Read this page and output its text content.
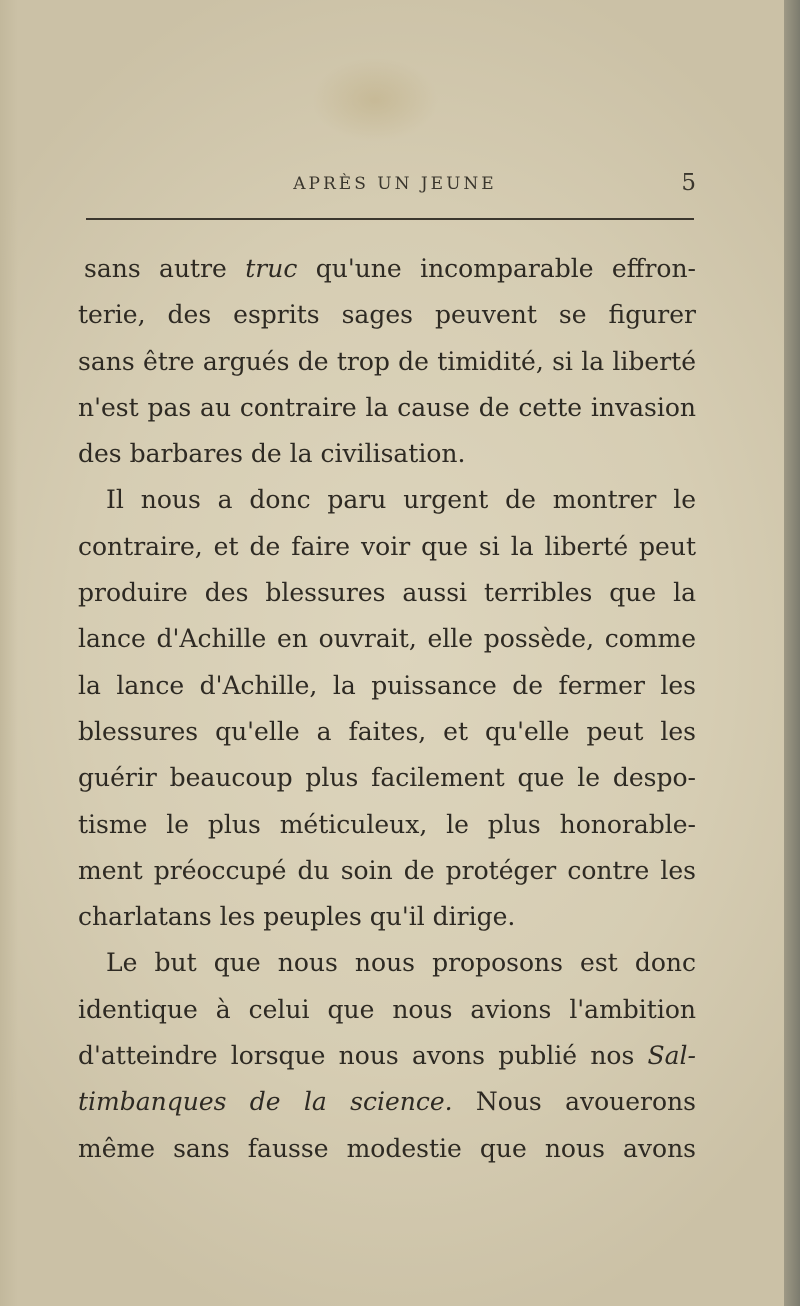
APRÈS UN JEUNE	5
sans autre truc qu'une incomparable effron-
terie, des esprits sages peuvent se figurer
sans être argués de trop de timidité, si la liberté
n'est pas au contraire la cause de cette invasion
des barbares de la civilisation.
Il nous a donc paru urgent de montrer le
contraire, et de faire voir que si la liberté peut
produire des blessures aussi terribles que la
lance d'Achille en ouvrait, elle possède, comme
la lance d'Achille, la puissance de fermer les
blessures qu'elle a faites, et qu'elle peut les
guérir beaucoup plus facilement que le despo-
tisme le plus méticuleux, le plus honorable-
ment préoccupé du soin de protéger contre les
charlatans les peuples qu'il dirige.
Le but que nous nous proposons est donc
identique à celui que nous avions l'ambition
d'atteindre lorsque nous avons publié nos Sal-
timbanques de la science. Nous avouerons
même sans fausse modestie que nous avons
